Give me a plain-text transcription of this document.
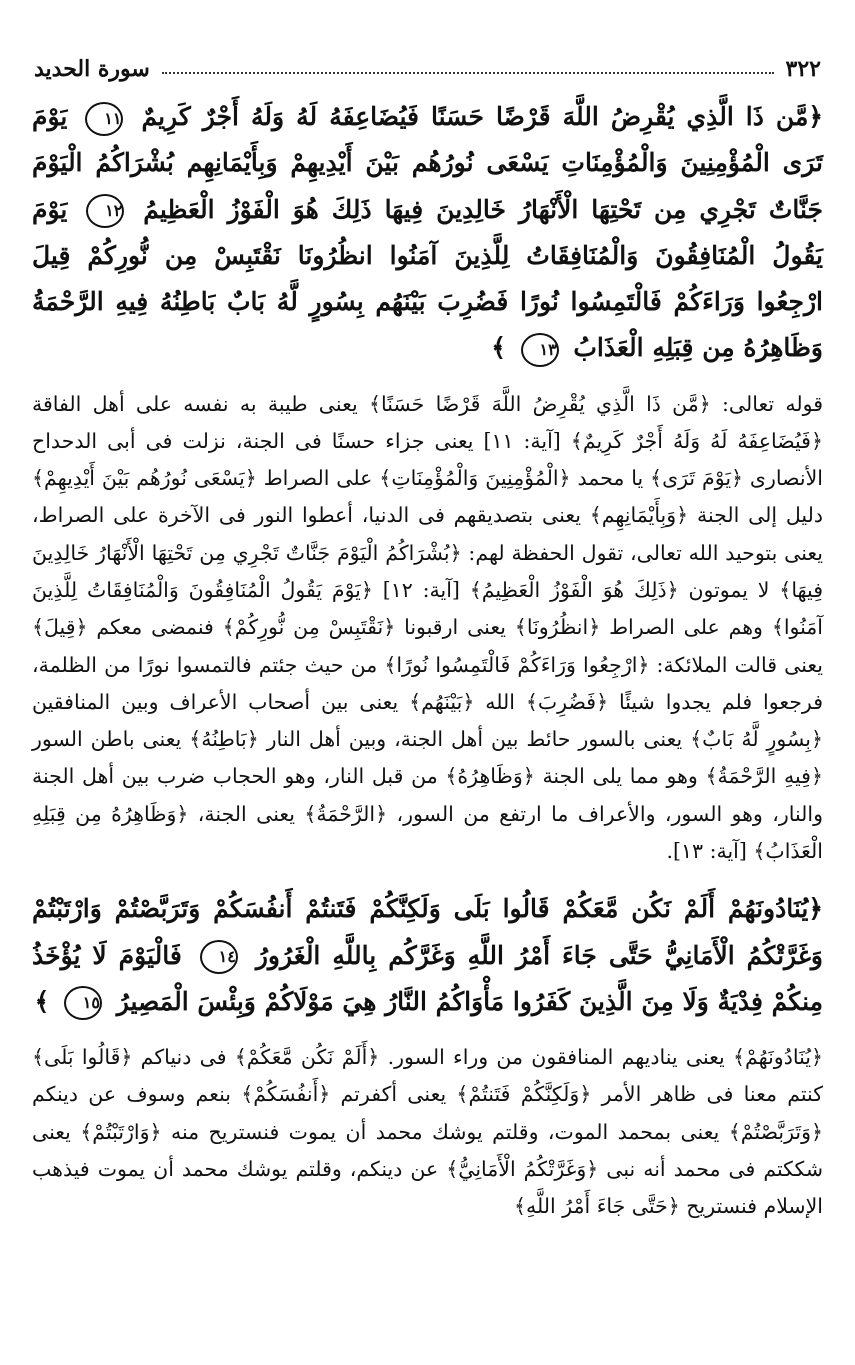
٣٢٢
سورة الحديد
﴿مَّن ذَا الَّذِي يُقْرِضُ اللَّهَ قَرْضًا حَسَنًا فَيُضَاعِفَهُ لَهُ وَلَهُ أَجْرٌ كَرِيمٌ ١١ يَوْمَ تَرَى الْمُؤْمِنِينَ وَالْمُؤْمِنَاتِ يَسْعَى نُورُهُم بَيْنَ أَيْدِيهِمْ وَبِأَيْمَانِهِم بُشْرَاكُمُ الْيَوْمَ جَنَّاتٌ تَجْرِي مِن تَحْتِهَا الْأَنْهَارُ خَالِدِينَ فِيهَا ذَلِكَ هُوَ الْفَوْزُ الْعَظِيمُ ١٢ يَوْمَ يَقُولُ الْمُنَافِقُونَ وَالْمُنَافِقَاتُ لِلَّذِينَ آمَنُوا انظُرُونَا نَقْتَبِسْ مِن نُّورِكُمْ قِيلَ ارْجِعُوا وَرَاءَكُمْ فَالْتَمِسُوا نُورًا فَضُرِبَ بَيْنَهُم بِسُورٍ لَّهُ بَابٌ بَاطِنُهُ فِيهِ الرَّحْمَةُ وَظَاهِرُهُ مِن قِبَلِهِ الْعَذَابُ ١٣ ﴾
قوله تعالى: ﴿مَّن ذَا الَّذِي يُقْرِضُ اللَّهَ قَرْضًا حَسَنًا﴾ يعنى طيبة به نفسه على أهل الفاقة ﴿فَيُضَاعِفَهُ لَهُ وَلَهُ أَجْرٌ كَرِيمٌ﴾ [آية: ١١] يعنى جزاء حسنًا فى الجنة، نزلت فى أبى الدحداح الأنصارى ﴿يَوْمَ تَرَى﴾ يا محمد ﴿الْمُؤْمِنِينَ وَالْمُؤْمِنَاتِ﴾ على الصراط ﴿يَسْعَى نُورُهُم بَيْنَ أَيْدِيهِمْ﴾ دليل إلى الجنة ﴿وَبِأَيْمَانِهِم﴾ يعنى بتصديقهم فى الدنيا، أعطوا النور فى الآخرة على الصراط، يعنى بتوحيد الله تعالى، تقول الحفظة لهم: ﴿بُشْرَاكُمُ الْيَوْمَ جَنَّاتٌ تَجْرِي مِن تَحْتِهَا الْأَنْهَارُ خَالِدِينَ فِيهَا﴾ لا يموتون ﴿ذَلِكَ هُوَ الْفَوْزُ الْعَظِيمُ﴾ [آية: ١٢] ﴿يَوْمَ يَقُولُ الْمُنَافِقُونَ وَالْمُنَافِقَاتُ لِلَّذِينَ آمَنُوا﴾ وهم على الصراط ﴿انظُرُونَا﴾ يعنى ارقبونا ﴿نَقْتَبِسْ مِن نُّورِكُمْ﴾ فنمضى معكم ﴿قِيلَ﴾ يعنى قالت الملائكة: ﴿ارْجِعُوا وَرَاءَكُمْ فَالْتَمِسُوا نُورًا﴾ من حيث جئتم فالتمسوا نورًا من الظلمة، فرجعوا فلم يجدوا شيئًا ﴿فَضُرِبَ﴾ الله ﴿بَيْنَهُم﴾ يعنى بين أصحاب الأعراف وبين المنافقين ﴿بِسُورٍ لَّهُ بَابٌ﴾ يعنى بالسور حائط بين أهل الجنة، وبين أهل النار ﴿بَاطِنُهُ﴾ يعنى باطن السور ﴿فِيهِ الرَّحْمَةُ﴾ وهو مما يلى الجنة ﴿وَظَاهِرُهُ﴾ من قبل النار، وهو الحجاب ضرب بين أهل الجنة والنار، وهو السور، والأعراف ما ارتفع من السور، ﴿الرَّحْمَةُ﴾ يعنى الجنة، ﴿وَظَاهِرُهُ مِن قِبَلِهِ الْعَذَابُ﴾ [آية: ١٣].
﴿يُنَادُونَهُمْ أَلَمْ نَكُن مَّعَكُمْ قَالُوا بَلَى وَلَكِنَّكُمْ فَتَنتُمْ أَنفُسَكُمْ وَتَرَبَّصْتُمْ وَارْتَبْتُمْ وَغَرَّتْكُمُ الْأَمَانِيُّ حَتَّى جَاءَ أَمْرُ اللَّهِ وَغَرَّكُم بِاللَّهِ الْغَرُورُ ١٤ فَالْيَوْمَ لَا يُؤْخَذُ مِنكُمْ فِدْيَةٌ وَلَا مِنَ الَّذِينَ كَفَرُوا مَأْوَاكُمُ النَّارُ هِيَ مَوْلَاكُمْ وَبِئْسَ الْمَصِيرُ ١٥ ﴾
﴿يُنَادُونَهُمْ﴾ يعنى يناديهم المنافقون من وراء السور. ﴿أَلَمْ نَكُن مَّعَكُمْ﴾ فى دنياكم ﴿قَالُوا بَلَى﴾ كنتم معنا فى ظاهر الأمر ﴿وَلَكِنَّكُمْ فَتَنتُمْ﴾ يعنى أكفرتم ﴿أَنفُسَكُمْ﴾ بنعم وسوف عن دينكم ﴿وَتَرَبَّصْتُمْ﴾ يعنى بمحمد الموت، وقلتم يوشك محمد أن يموت فنستريح منه ﴿وَارْتَبْتُمْ﴾ يعنى شككتم فى محمد أنه نبى ﴿وَغَرَّتْكُمُ الْأَمَانِيُّ﴾ عن دينكم، وقلتم يوشك محمد أن يموت فيذهب الإسلام فنستريح ﴿حَتَّى جَاءَ أَمْرُ اللَّهِ﴾
